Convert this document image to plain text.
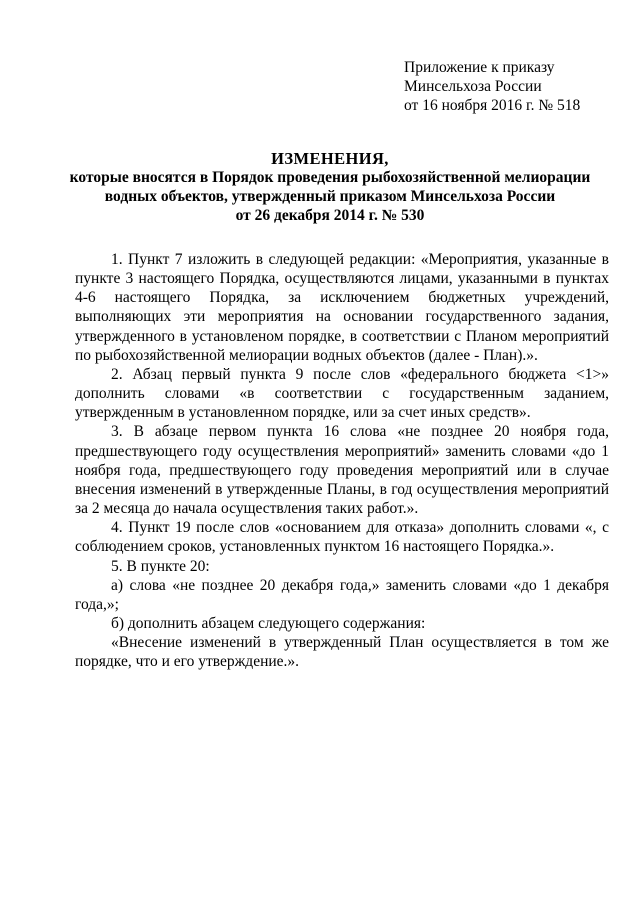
Приложение к приказу
Минсельхоза России
от 16 ноября 2016 г. № 518
ИЗМЕНЕНИЯ,
которые вносятся в Порядок проведения рыбохозяйственной мелиорации
водных объектов, утвержденный приказом Минсельхоза России
от 26 декабря 2014 г. № 530

1. Пункт 7 изложить в следующей редакции: «Мероприятия, указанные в пункте 3 настоящего Порядка, осуществляются лицами, указанными в пунктах 4-6 настоящего Порядка, за исключением бюджетных учреждений, выполняющих эти мероприятия на основании государственного задания, утвержденного в установленом порядке, в соответствии с Планом мероприятий по рыбохозяйственной мелиорации водных объектов (далее - План).».

2. Абзац первый пункта 9 после слов «федерального бюджета <1>» дополнить словами «в соответствии с государственным заданием, утвержденным в установленном порядке, или за счет иных средств».

3. В абзаце первом пункта 16 слова «не позднее 20 ноября года, предшествующего году осуществления мероприятий» заменить словами «до 1 ноября года, предшествующего году проведения мероприятий или в случае внесения изменений в утвержденные Планы, в год осуществления мероприятий за 2 месяца до начала осуществления таких работ.».

4. Пункт 19 после слов «основанием для отказа» дополнить словами «, с соблюдением сроков, установленных пунктом 16 настоящего Порядка.».

5. В пункте 20:

а) слова «не позднее 20 декабря года,» заменить словами «до 1 декабря года,»;

б) дополнить абзацем следующего содержания:

«Внесение изменений в утвержденный План осуществляется в том же порядке, что и его утверждение.».
